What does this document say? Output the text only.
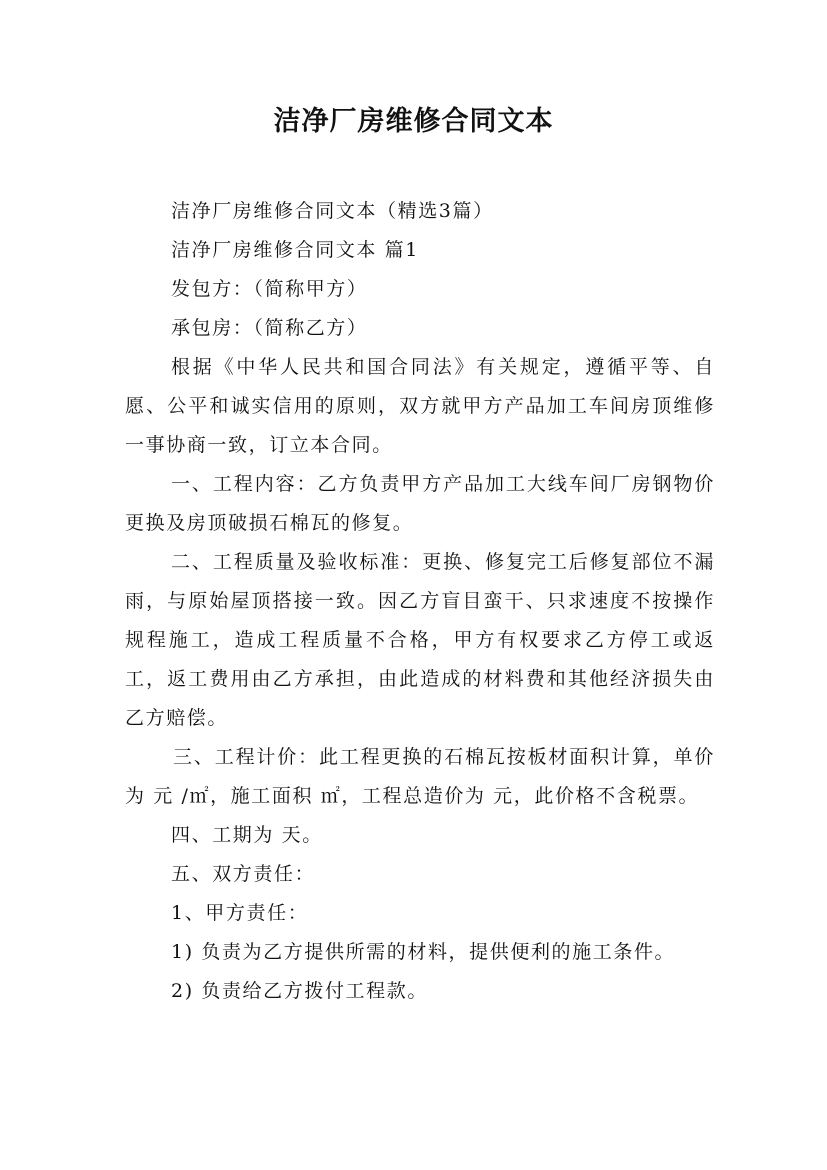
洁净厂房维修合同文本

洁净厂房维修合同文本（精选3篇）

洁净厂房维修合同文本 篇1

发包方：（简称甲方）

承包房：（简称乙方）

根据《中华人民共和国合同法》有关规定，遵循平等、自愿、公平和诚实信用的原则，双方就甲方产品加工车间房顶维修一事协商一致，订立本合同。

一、工程内容：乙方负责甲方产品加工大线车间厂房钢物价更换及房顶破损石棉瓦的修复。

二、工程质量及验收标准：更换、修复完工后修复部位不漏雨，与原始屋顶搭接一致。因乙方盲目蛮干、只求速度不按操作规程施工，造成工程质量不合格，甲方有权要求乙方停工或返工，返工费用由乙方承担，由此造成的材料费和其他经济损失由乙方赔偿。

三、工程计价：此工程更换的石棉瓦按板材面积计算，单价为 元 /㎡，施工面积 ㎡，工程总造价为 元，此价格不含税票。

四、工期为 天。

五、双方责任：

1、甲方责任：

1) 负责为乙方提供所需的材料，提供便利的施工条件。

2) 负责给乙方拨付工程款。
